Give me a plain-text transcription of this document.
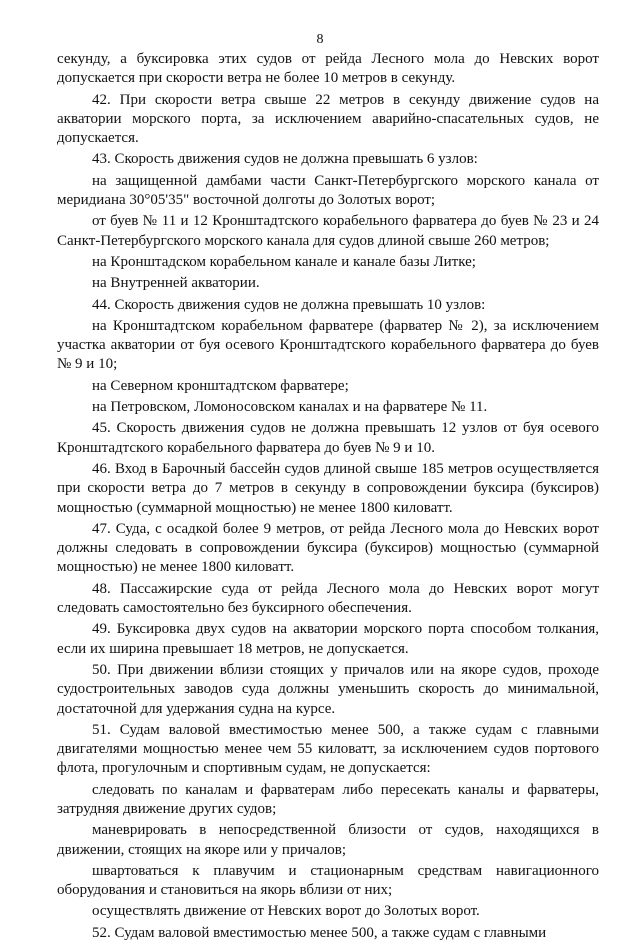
8

секунду, а буксировка этих судов от рейда Лесного мола до Невских ворот допускается при скорости ветра не более 10 метров в секунду.

42. При скорости ветра свыше 22 метров в секунду движение судов на акватории морского порта, за исключением аварийно-спасательных судов, не допускается.

43. Скорость движения судов не должна превышать 6 узлов:

на защищенной дамбами части Санкт-Петербургского морского канала от меридиана 30°05'35" восточной долготы до Золотых ворот;

от буев № 11 и 12 Кронштадтского корабельного фарватера до буев № 23 и 24 Санкт-Петербургского морского канала для судов длиной свыше 260 метров;

на Кронштадском корабельном канале и канале базы Литке;

на Внутренней акватории.

44. Скорость движения судов не должна превышать 10 узлов:

на Кронштадтском корабельном фарватере (фарватер № 2), за исключением участка акватории от буя осевого Кронштадтского корабельного фарватера до буев № 9 и 10;

на Северном кронштадтском фарватере;

на Петровском, Ломоносовском каналах и на фарватере № 11.

45. Скорость движения судов не должна превышать 12 узлов от буя осевого Кронштадтского корабельного фарватера до буев № 9 и 10.

46. Вход в Барочный бассейн судов длиной свыше 185 метров осуществляется при скорости ветра до 7 метров в секунду в сопровождении буксира (буксиров) мощностью (суммарной мощностью) не менее 1800 киловатт.

47. Суда, с осадкой более 9 метров, от рейда Лесного мола до Невских ворот должны следовать в сопровождении буксира (буксиров) мощностью (суммарной мощностью) не менее 1800 киловатт.

48. Пассажирские суда от рейда Лесного мола до Невских ворот могут следовать самостоятельно без буксирного обеспечения.

49. Буксировка двух судов на акватории морского порта способом толкания, если их ширина превышает 18 метров, не допускается.

50. При движении вблизи стоящих у причалов или на якоре судов, проходе судостроительных заводов суда должны уменьшить скорость до минимальной, достаточной для удержания судна на курсе.

51. Судам валовой вместимостью менее 500, а также судам с главными двигателями мощностью менее чем 55 киловатт, за исключением судов портового флота, прогулочным и спортивным судам, не допускается:

следовать по каналам и фарватерам либо пересекать каналы и фарватеры, затрудняя движение других судов;

маневрировать в непосредственной близости от судов, находящихся в движении, стоящих на якоре или у причалов;

швартоваться к плавучим и стационарным средствам навигационного оборудования и становиться на якорь вблизи от них;

осуществлять движение от Невских ворот до Золотых ворот.

52. Судам валовой вместимостью менее 500, а также судам с главными
